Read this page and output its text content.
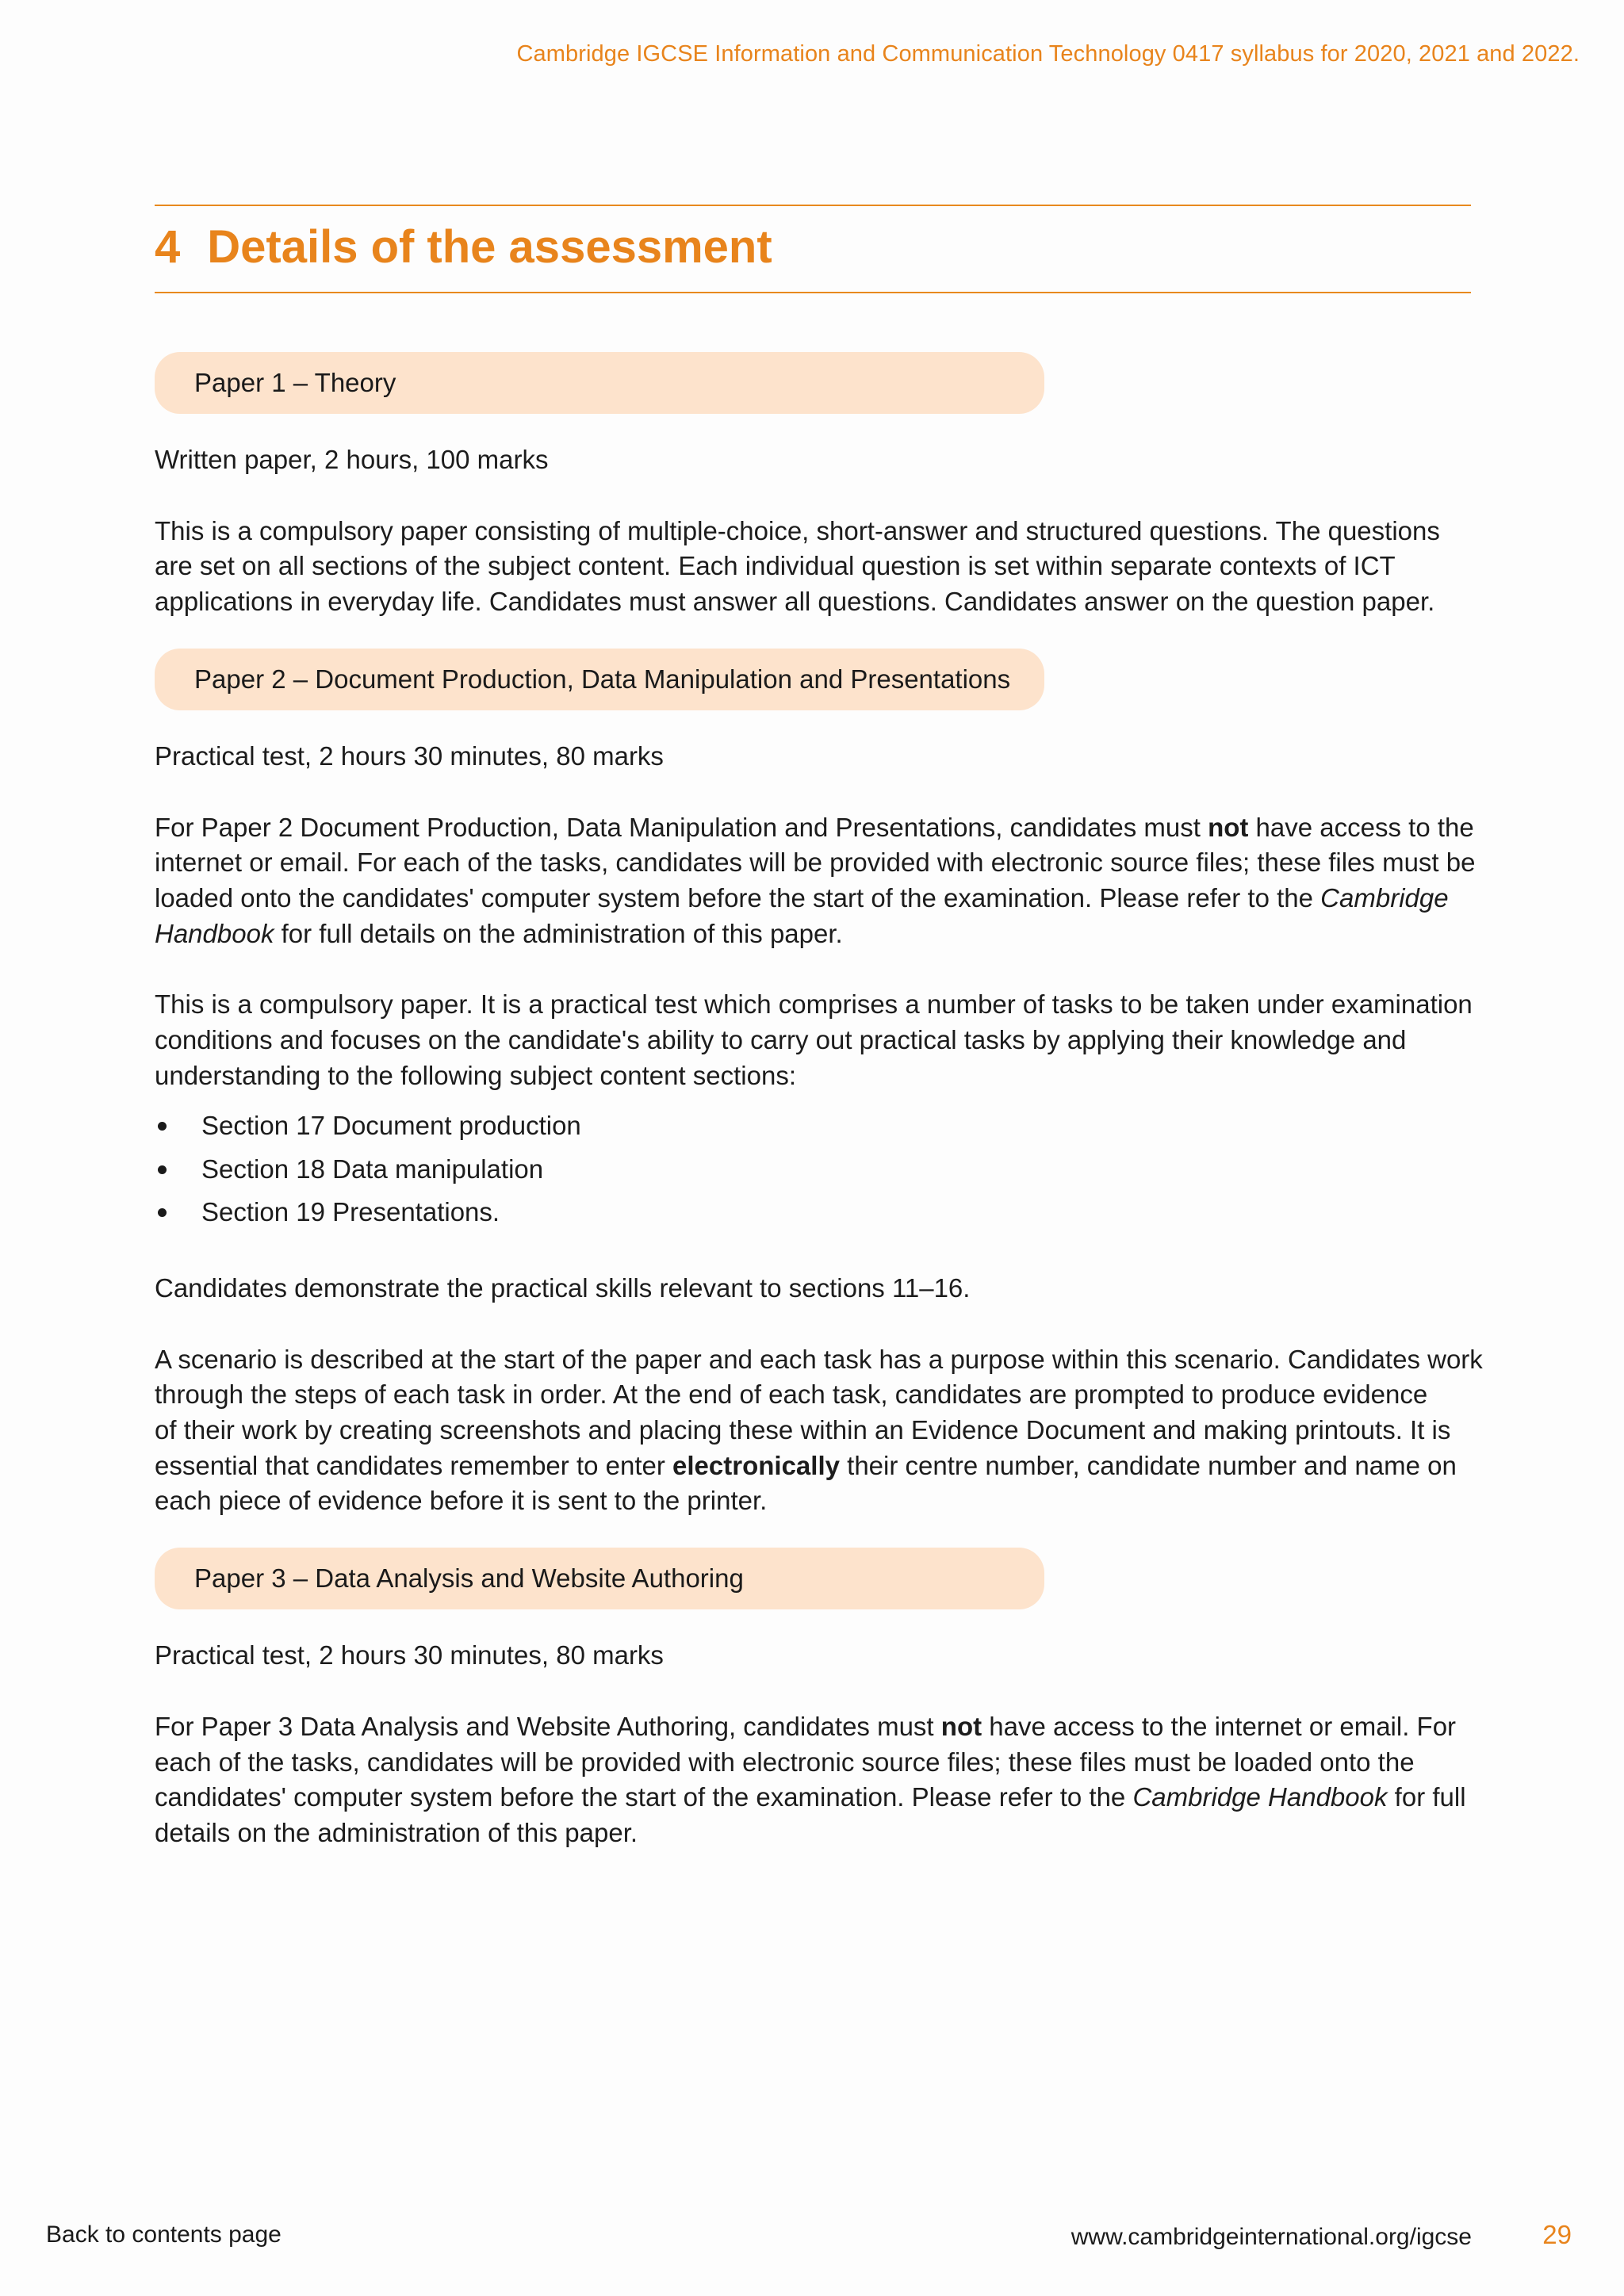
Cambridge IGCSE Information and Communication Technology 0417 syllabus for 2020, 2021 and 2022.
4 Details of the assessment
Paper 1 – Theory

Written paper, 2 hours, 100 marks

This is a compulsory paper consisting of multiple-choice, short-answer and structured questions. The questions

are set on all sections of the subject content. Each individual question is set within separate contexts of ICT

applications in everyday life. Candidates must answer all questions. Candidates answer on the question paper.

Paper 2 – Document Production, Data Manipulation and Presentations

Practical test, 2 hours 30 minutes, 80 marks

For Paper 2 Document Production, Data Manipulation and Presentations, candidates must not have access to the

internet or email. For each of the tasks, candidates will be provided with electronic source files; these files must be

loaded onto the candidates' computer system before the start of the examination. Please refer to the Cambridge

Handbook for full details on the administration of this paper.

This is a compulsory paper. It is a practical test which comprises a number of tasks to be taken under examination

conditions and focuses on the candidate's ability to carry out practical tasks by applying their knowledge and

understanding to the following subject content sections:

Section 17 Document production
Section 18 Data manipulation
Section 19 Presentations.

Candidates demonstrate the practical skills relevant to sections 11–16.

A scenario is described at the start of the paper and each task has a purpose within this scenario. Candidates work

through the steps of each task in order. At the end of each task, candidates are prompted to produce evidence

of their work by creating screenshots and placing these within an Evidence Document and making printouts. It is

essential that candidates remember to enter electronically their centre number, candidate number and name on

each piece of evidence before it is sent to the printer.

Paper 3 – Data Analysis and Website Authoring

Practical test, 2 hours 30 minutes, 80 marks

For Paper 3 Data Analysis and Website Authoring, candidates must not have access to the internet or email. For

each of the tasks, candidates will be provided with electronic source files; these files must be loaded onto the

candidates' computer system before the start of the examination. Please refer to the Cambridge Handbook for full

details on the administration of this paper.

Back to contents page	www.cambridgeinternational.org/igcse	29
